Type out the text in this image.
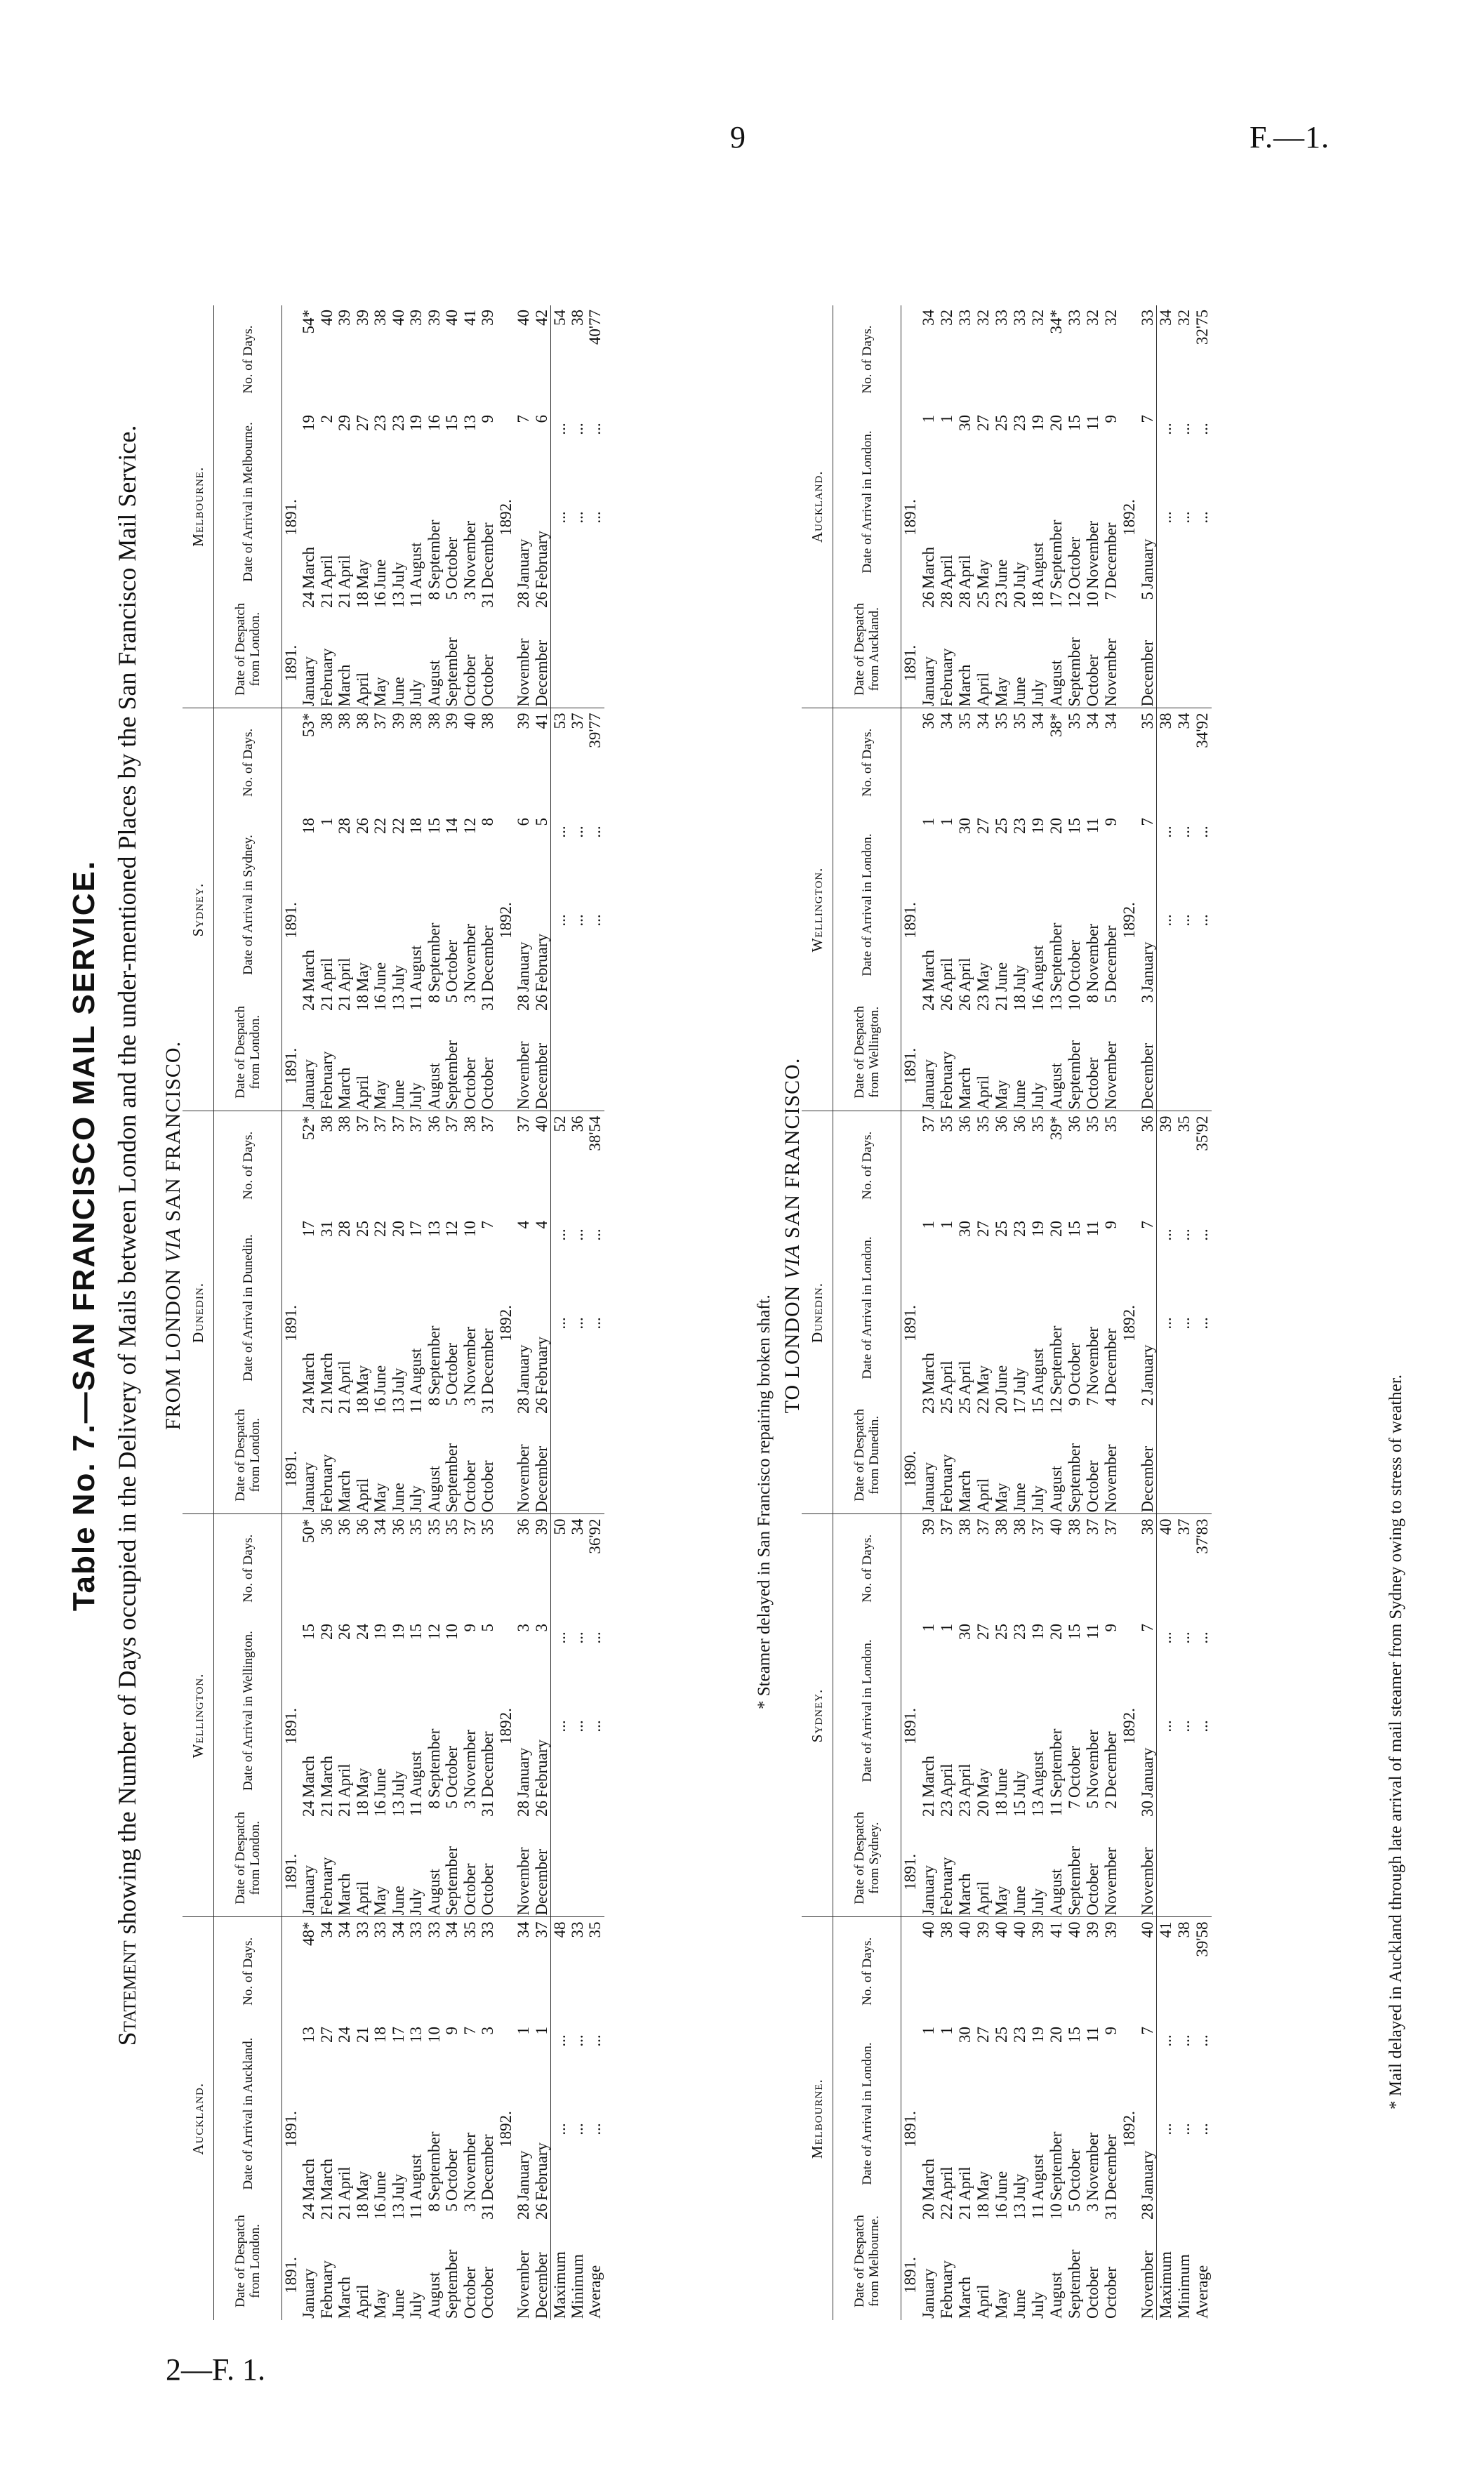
9	F.—1.
2—F. 1.
Table No. 7.—SAN FRANCISCO MAIL SERVICE.
Statement showing the Number of Days occupied in the Delivery of Mails between London and the under-mentioned Places by the San Francisco Mail Service. FROM LONDON VIA SAN FRANCISCO.
Auckland.					Wellington.					Dunedin.					Sydney.					Melbourne.				
Date of Despatch from London.		Date of Arrival in Auckland.		No. of Days.	Date of Despatch from London.		Date of Arrival in Wellington.		No. of Days.	Date of Despatch from London.		Date of Arrival in Dunedin.		No. of Days.	Date of Despatch from London.		Date of Arrival in Sydney.		No. of Days.	Date of Despatch from London.		Date of Arrival in Melbourne.		No. of Days.
1891.		1891.			1891.		1891.			1891.		1891.			1891.		1891.			1891.		1891.		
January	24	March	13	48*	January	24	March	15	50*	January	24	March	17	52*	January	24	March	18	53*	January	24	March	19	54*
February	21	March	27	34	February	21	March	29	36	February	21	March	31	38	February	21	April	1	38	February	21	April	2	40
March	21	April	24	34	March	21	April	26	36	March	21	April	28	38	March	21	April	28	38	March	21	April	29	39
April	18	May	21	33	April	18	May	24	36	April	18	May	25	37	April	18	May	26	38	April	18	May	27	39
May	16	June	18	33	May	16	June	19	34	May	16	June	22	37	May	16	June	22	37	May	16	June	23	38
June	13	July	17	34	June	13	July	19	36	June	13	July	20	37	June	13	July	22	39	June	13	July	23	40
July	11	August	13	33	July	11	August	15	35	July	11	August	17	37	July	11	August	18	38	July	11	August	19	39
August	8	September	10	33	August	8	September	12	35	August	8	September	13	36	August	8	September	15	38	August	8	September	16	39
September	5	October	9	34	September	5	October	10	35	September	5	October	12	37	September	5	October	14	39	September	5	October	15	40
October	3	November	7	35	October	3	November	9	37	October	3	November	10	38	October	3	November	12	40	October	3	November	13	41
October	31	December	3	33	October	31	December	5	35	October	31	December	7	37	October	31	December	8	38	October	31	December	9	39
		1892.					1892.					1892.					1892.					1892.		
November	28	January	1	34	November	28	January	3	36	November	28	January	4	37	November	28	January	6	39	November	28	January	7	40
December	26	February	1	37	December	26	February	3	39	December	26	February	4	40	December	26	February	5	41	December	26	February	6	42
Maximum		...	...	48			...	...	50			...	...	52			...	...	53			...	...	54
Minimum		...	...	33			...	...	34			...	...	36			...	...	37			...	...	38
Average		...	...	35			...	...	36'92			...	...	38'54			...	...	39'77			...	...	40'77
* Steamer delayed in San Francisco repairing broken shaft. TO LONDON VIA SAN FRANCISCO.
Melbourne.					Sydney.					Dunedin.					Wellington.					Auckland.				
Date of Despatch from Melbourne.		Date of Arrival in London.		No. of Days.	Date of Despatch from Sydney.		Date of Arrival in London.		No. of Days.	Date of Despatch from Dunedin.		Date of Arrival in London.		No. of Days.	Date of Despatch from Wellington.		Date of Arrival in London.		No. of Days.	Date of Despatch from Auckland.		Date of Arrival in London.		No. of Days.
1891.		1891.			1891.		1891.			1890.		1891.			1891.		1891.			1891.		1891.		
January	20	March	1	40	January	21	March	1	39	January	23	March	1	37	January	24	March	1	36	January	26	March	1	34
February	22	April	1	38	February	23	April	1	37	February	25	April	1	35	February	26	April	1	34	February	28	April	1	32
March	21	April	30	40	March	23	April	30	38	March	25	April	30	36	March	26	April	30	35	March	28	April	30	33
April	18	May	27	39	April	20	May	27	37	April	22	May	27	35	April	23	May	27	34	April	25	May	27	32
May	16	June	25	40	May	18	June	25	38	May	20	June	25	36	May	21	June	25	35	May	23	June	25	33
June	13	July	23	40	June	15	July	23	38	June	17	July	23	36	June	18	July	23	35	June	20	July	23	33
July	11	August	19	39	July	13	August	19	37	July	15	August	19	35	July	16	August	19	34	July	18	August	19	32
August	10	September	20	41	August	11	September	20	40	August	12	September	20	39*	August	13	September	20	38*	August	17	September	20	34*
September	5	October	15	40	September	7	October	15	38	September	9	October	15	36	September	10	October	15	35	September	12	October	15	33
October	3	November	11	39	October	5	November	11	37	October	7	November	11	35	October	8	November	11	34	October	10	November	11	32
October	31	December	9	39	November	2	December	9	37	November	4	December	9	35	November	5	December	9	34	November	7	December	9	32
		1892.					1892.					1892.					1892.					1892.		
November	28	January	7	40	November	30	January	7	38	December	2	January	7	36	December	3	January	7	35	December	5	January	7	33
Maximum		...	...	41			...	...	40			...	...	39			...	...	38			...	...	34
Minimum		...	...	38			...	...	37			...	...	35			...	...	34			...	...	32
Average		...	...	39'58			...	...	37'83			...	...	35'92			...	...	34'92			...	...	32'75
* Mail delayed in Auckland through late arrival of mail steamer from Sydney owing to stress of weather.
